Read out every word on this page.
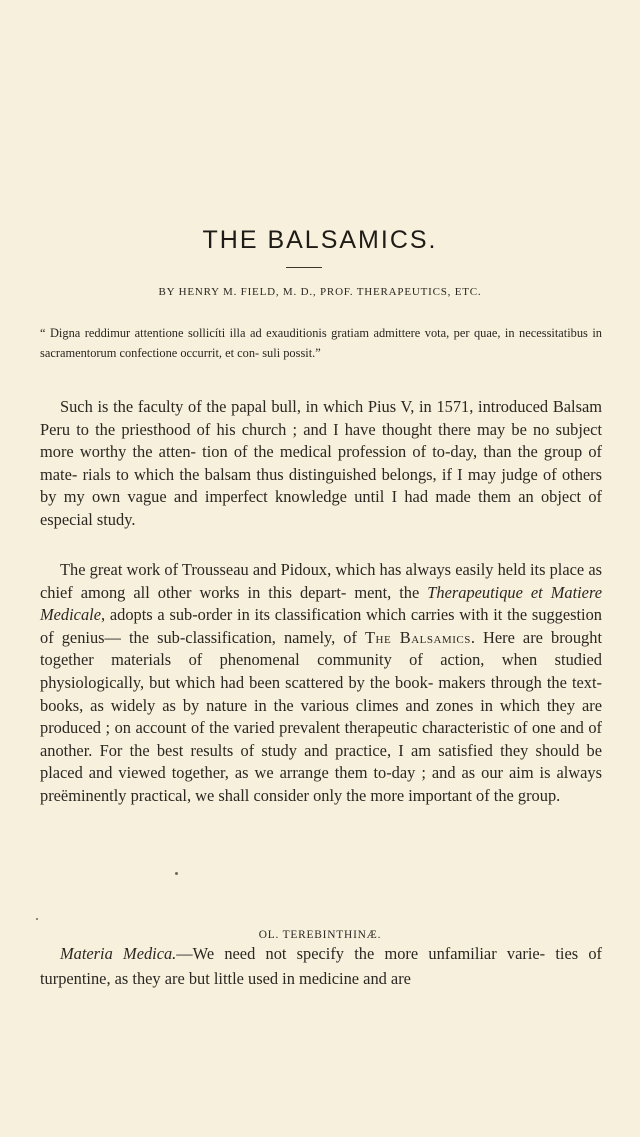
THE BALSAMICS.
BY HENRY M. FIELD, M. D., PROF. THERAPEUTICS, ETC.
“ Digna reddimur attentione sollicíti illa ad exauditionis gratiam admittere vota, per quae, in necessitatibus in sacramentorum confectione occurrit, et con- suli possit.”
Such is the faculty of the papal bull, in which Pius V, in 1571, introduced Balsam Peru to the priesthood of his church ; and I have thought there may be no subject more worthy the atten- tion of the medical profession of to-day, than the group of mate- rials to which the balsam thus distinguished belongs, if I may judge of others by my own vague and imperfect knowledge until I had made them an object of especial study.
The great work of Trousseau and Pidoux, which has always easily held its place as chief among all other works in this depart- ment, the Therapeutique et Matiere Medicale, adopts a sub-order in its classification which carries with it the suggestion of genius— the sub-classification, namely, of The Balsamics. Here are brought together materials of phenomenal community of action, when studied physiologically, but which had been scattered by the book- makers through the text-books, as widely as by nature in the various climes and zones in which they are produced ; on account of the varied prevalent therapeutic characteristic of one and of another. For the best results of study and practice, I am satisfied they should be placed and viewed together, as we arrange them to-day ; and as our aim is always preëminently practical, we shall consider only the more important of the group.
OL. TEREBINTHINÆ.
Materia Medica.—We need not specify the more unfamiliar varie- ties of turpentine, as they are but little used in medicine and are
